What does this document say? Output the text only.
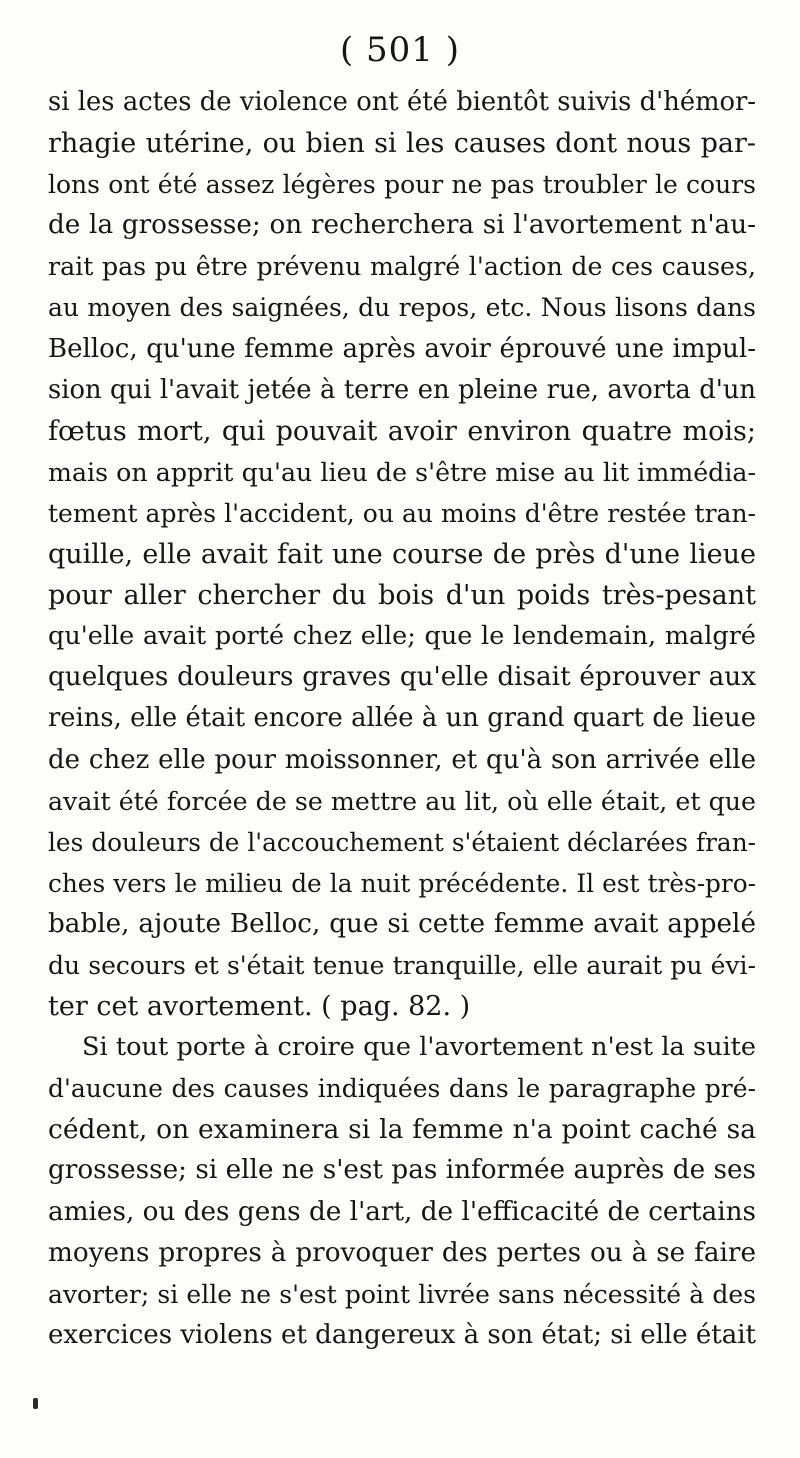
( 501 )
si les actes de violence ont été bientôt suivis d'hémor-
rhagie utérine, ou bien si les causes dont nous par-
lons ont été assez légères pour ne pas troubler le cours
de la grossesse; on recherchera si l'avortement n'au-
rait pas pu être prévenu malgré l'action de ces causes,
au moyen des saignées, du repos, etc. Nous lisons dans
Belloc, qu'une femme après avoir éprouvé une impul-
sion qui l'avait jetée à terre en pleine rue, avorta d'un
fœtus mort, qui pouvait avoir environ quatre mois;
mais on apprit qu'au lieu de s'être mise au lit immédia-
tement après l'accident, ou au moins d'être restée tran-
quille, elle avait fait une course de près d'une lieue
pour aller chercher du bois d'un poids très-pesant
qu'elle avait porté chez elle; que le lendemain, malgré
quelques douleurs graves qu'elle disait éprouver aux
reins, elle était encore allée à un grand quart de lieue
de chez elle pour moissonner, et qu'à son arrivée elle
avait été forcée de se mettre au lit, où elle était, et que
les douleurs de l'accouchement s'étaient déclarées fran-
ches vers le milieu de la nuit précédente. Il est très-pro-
bable, ajoute Belloc, que si cette femme avait appelé
du secours et s'était tenue tranquille, elle aurait pu évi-
ter cet avortement. ( pag. 82. )
Si tout porte à croire que l'avortement n'est la suite
d'aucune des causes indiquées dans le paragraphe pré-
cédent, on examinera si la femme n'a point caché sa
grossesse; si elle ne s'est pas informée auprès de ses
amies, ou des gens de l'art, de l'efficacité de certains
moyens propres à provoquer des pertes ou à se faire
avorter; si elle ne s'est point livrée sans nécessité à des
exercices violens et dangereux à son état; si elle était
